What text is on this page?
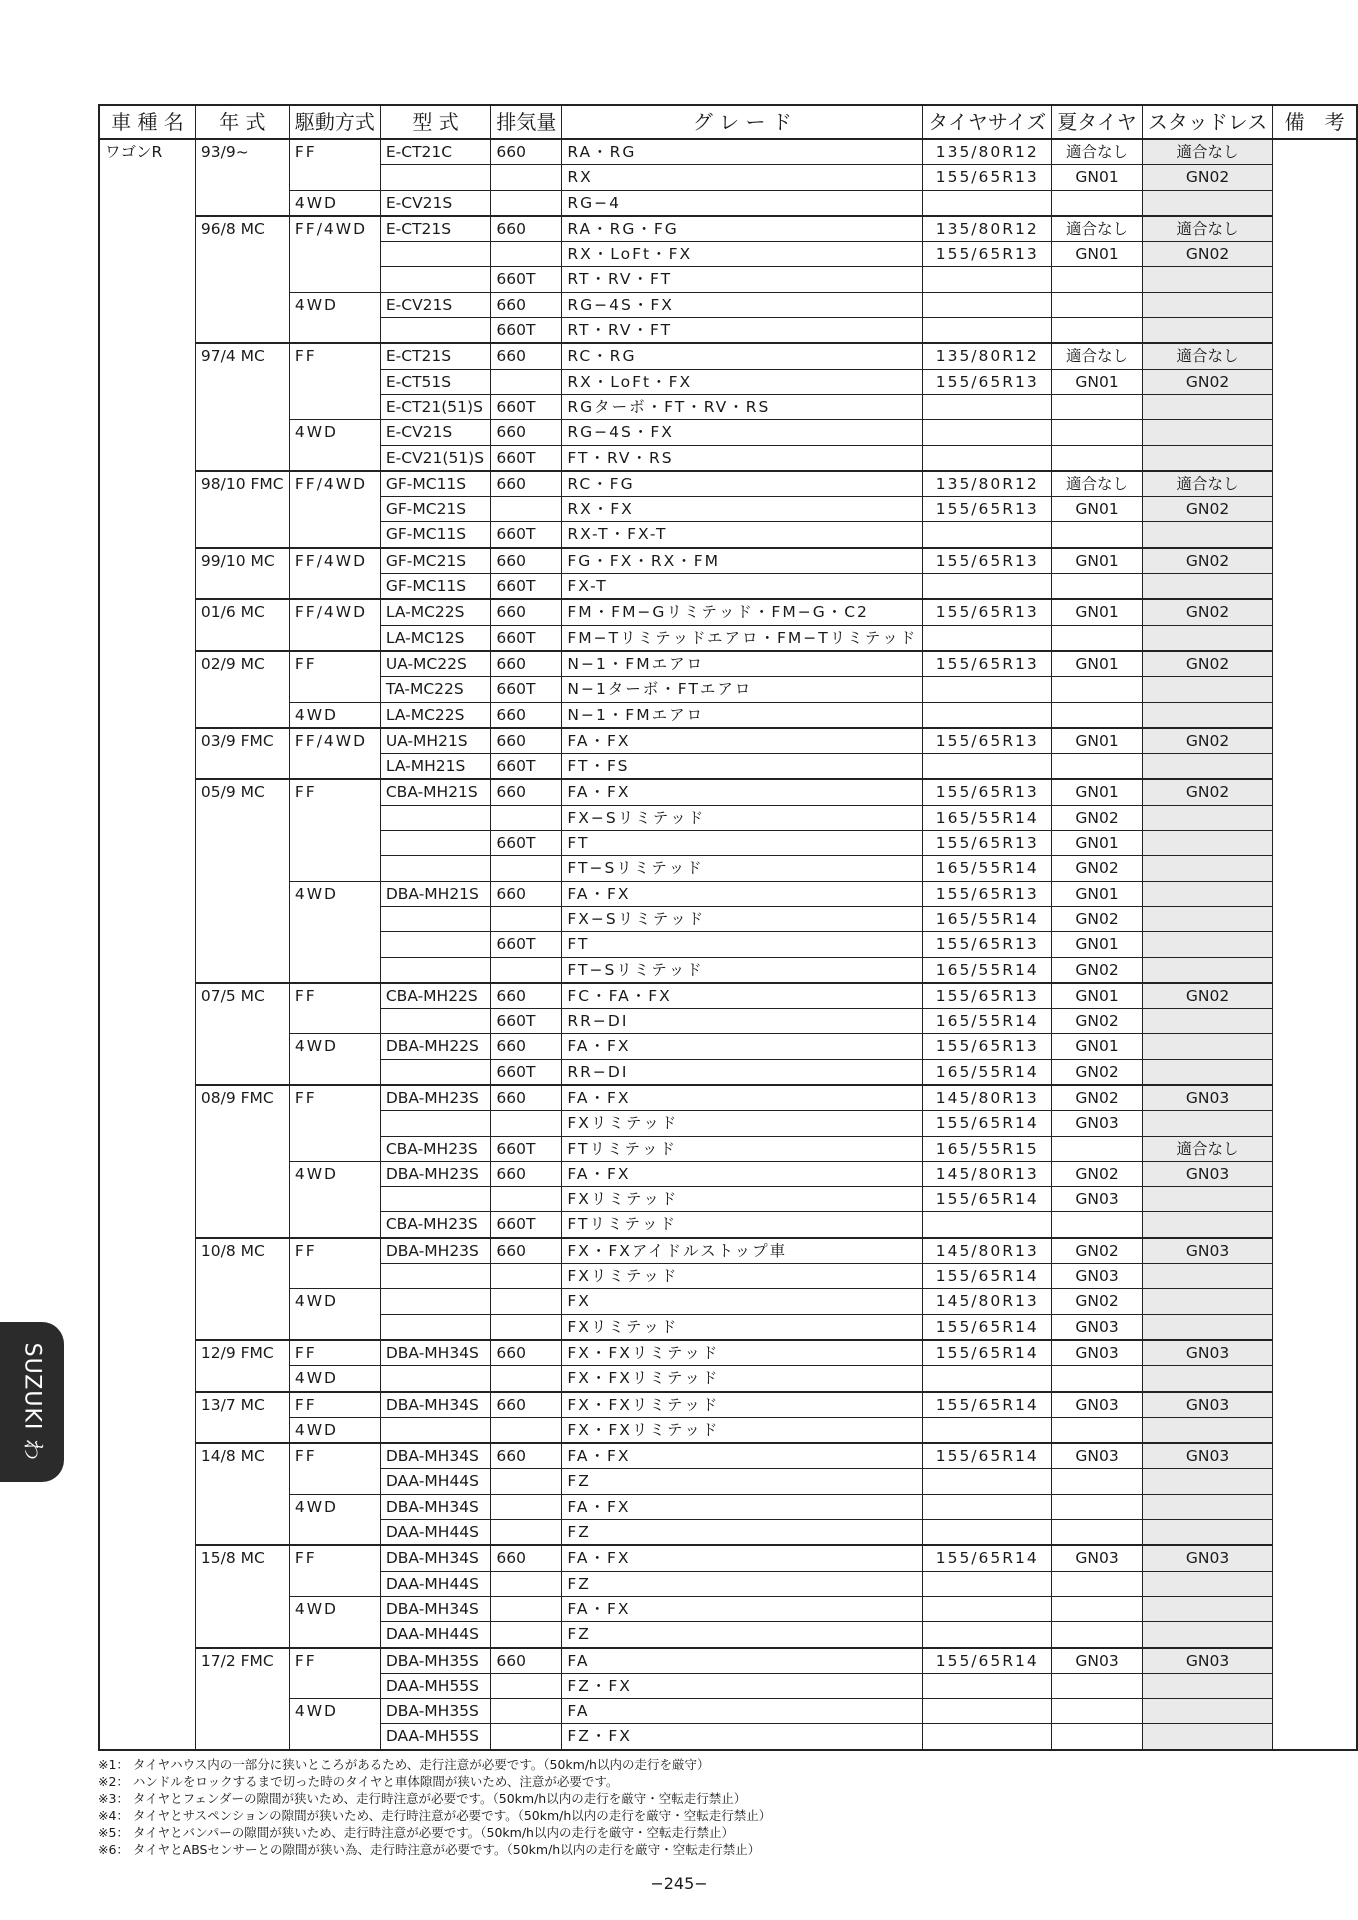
SUZUKI わ
車 種 名	年 式	駆動方式	型 式	排気量	グ レ ー ド	タイヤサイズ	夏タイヤ	スタッドレス	備　考
ワゴンR	93/9~	FF	E-CT21C	660	RA・RG	135/80R12	適合なし	適合なし	
					RX	155/65R13	GN01	GN02	
		4WD	E-CV21S		RG−4				
	96/8 MC	FF/4WD	E-CT21S	660	RA・RG・FG	135/80R12	適合なし	適合なし	
					RX・LoFt・FX	155/65R13	GN01	GN02	
				660T	RT・RV・FT				
		4WD	E-CV21S	660	RG−4S・FX				
				660T	RT・RV・FT				
	97/4 MC	FF	E-CT21S	660	RC・RG	135/80R12	適合なし	適合なし	
			E-CT51S		RX・LoFt・FX	155/65R13	GN01	GN02	
			E-CT21(51)S	660T	RGターボ・FT・RV・RS				
		4WD	E-CV21S	660	RG−4S・FX				
			E-CV21(51)S	660T	FT・RV・RS				
	98/10 FMC	FF/4WD	GF-MC11S	660	RC・FG	135/80R12	適合なし	適合なし	
			GF-MC21S		RX・FX	155/65R13	GN01	GN02	
			GF-MC11S	660T	RX-T・FX-T				
	99/10 MC	FF/4WD	GF-MC21S	660	FG・FX・RX・FM	155/65R13	GN01	GN02	
			GF-MC11S	660T	FX-T				
	01/6 MC	FF/4WD	LA-MC22S	660	FM・FM−Gリミテッド・FM−G・C2	155/65R13	GN01	GN02	
			LA-MC12S	660T	FM−Tリミテッドエアロ・FM−Tリミテッド				
	02/9 MC	FF	UA-MC22S	660	N−1・FMエアロ	155/65R13	GN01	GN02	
			TA-MC22S	660T	N−1ターボ・FTエアロ				
		4WD	LA-MC22S	660	N−1・FMエアロ				
	03/9 FMC	FF/4WD	UA-MH21S	660	FA・FX	155/65R13	GN01	GN02	
			LA-MH21S	660T	FT・FS				
	05/9 MC	FF	CBA-MH21S	660	FA・FX	155/65R13	GN01	GN02	
					FX−Sリミテッド	165/55R14	GN02		
				660T	FT	155/65R13	GN01		
					FT−Sリミテッド	165/55R14	GN02		
		4WD	DBA-MH21S	660	FA・FX	155/65R13	GN01		
					FX−Sリミテッド	165/55R14	GN02		
				660T	FT	155/65R13	GN01		
					FT−Sリミテッド	165/55R14	GN02		
	07/5 MC	FF	CBA-MH22S	660	FC・FA・FX	155/65R13	GN01	GN02	
				660T	RR−DI	165/55R14	GN02		
		4WD	DBA-MH22S	660	FA・FX	155/65R13	GN01		
				660T	RR−DI	165/55R14	GN02		
	08/9 FMC	FF	DBA-MH23S	660	FA・FX	145/80R13	GN02	GN03	
					FXリミテッド	155/65R14	GN03		
			CBA-MH23S	660T	FTリミテッド	165/55R15		適合なし	
		4WD	DBA-MH23S	660	FA・FX	145/80R13	GN02	GN03	
					FXリミテッド	155/65R14	GN03		
			CBA-MH23S	660T	FTリミテッド				
	10/8 MC	FF	DBA-MH23S	660	FX・FXアイドルストップ車	145/80R13	GN02	GN03	
					FXリミテッド	155/65R14	GN03		
		4WD			FX	145/80R13	GN02		
					FXリミテッド	155/65R14	GN03		
	12/9 FMC	FF	DBA-MH34S	660	FX・FXリミテッド	155/65R14	GN03	GN03	
		4WD			FX・FXリミテッド				
	13/7 MC	FF	DBA-MH34S	660	FX・FXリミテッド	155/65R14	GN03	GN03	
		4WD			FX・FXリミテッド				
	14/8 MC	FF	DBA-MH34S	660	FA・FX	155/65R14	GN03	GN03	
			DAA-MH44S		FZ				
		4WD	DBA-MH34S		FA・FX				
			DAA-MH44S		FZ				
	15/8 MC	FF	DBA-MH34S	660	FA・FX	155/65R14	GN03	GN03	
			DAA-MH44S		FZ				
		4WD	DBA-MH34S		FA・FX				
			DAA-MH44S		FZ				
	17/2 FMC	FF	DBA-MH35S	660	FA	155/65R14	GN03	GN03	
			DAA-MH55S		FZ・FX				
		4WD	DBA-MH35S		FA				
			DAA-MH55S		FZ・FX				
※1： タイヤハウス内の一部分に狭いところがあるため、走行注意が必要です。（50km/h以内の走行を厳守）
※2： ハンドルをロックするまで切った時のタイヤと車体隙間が狭いため、注意が必要です。
※3： タイヤとフェンダーの隙間が狭いため、走行時注意が必要です。（50km/h以内の走行を厳守・空転走行禁止）
※4： タイヤとサスペンションの隙間が狭いため、走行時注意が必要です。（50km/h以内の走行を厳守・空転走行禁止）
※5： タイヤとバンパーの隙間が狭いため、走行時注意が必要です。（50km/h以内の走行を厳守・空転走行禁止）
※6： タイヤとABSセンサーとの隙間が狭い為、走行時注意が必要です。（50km/h以内の走行を厳守・空転走行禁止）
−245−
